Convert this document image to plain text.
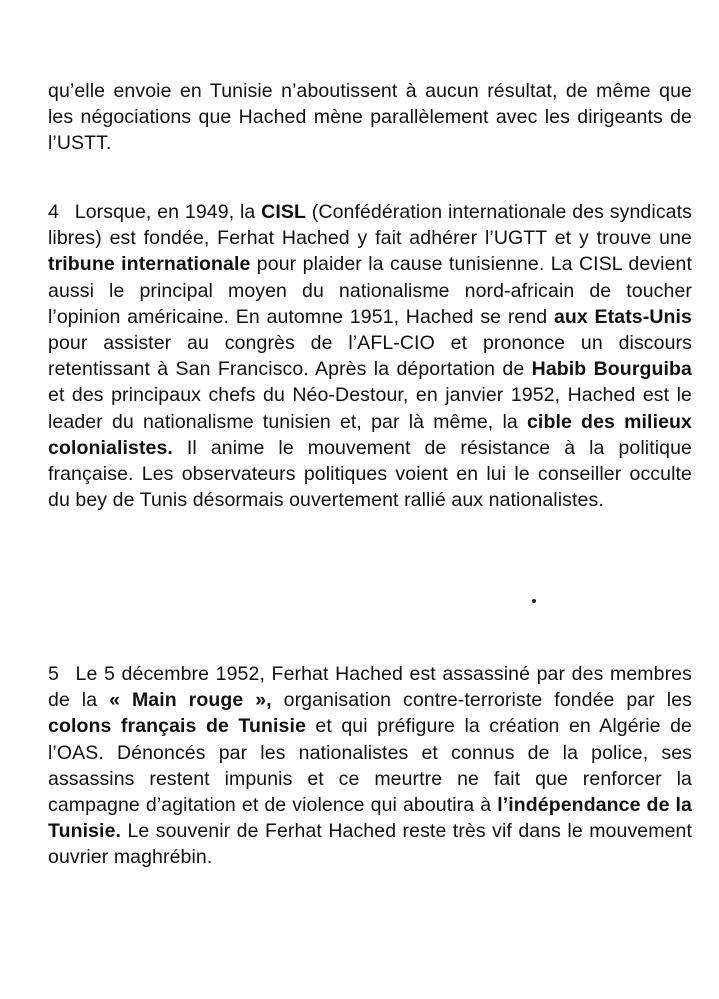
qu’elle envoie en Tunisie n’aboutissent à aucun résultat, de même que les négociations que Hached mène parallèlement avec les dirigeants de l’USTT.

4 Lorsque, en 1949, la CISL (Confédération internationale des syndicats libres) est fondée, Ferhat Hached y fait adhérer l’UGTT et y trouve une tribune internationale pour plaider la cause tunisienne. La CISL devient aussi le principal moyen du nationalisme nord-africain de toucher l’opinion américaine. En automne 1951, Hached se rend aux Etats-Unis pour assister au congrès de l’AFL-CIO et prononce un discours retentissant à San Francisco. Après la déportation de Habib Bourguiba et des principaux chefs du Néo-Destour, en janvier 1952, Hached est le leader du nationalisme tunisien et, par là même, la cible des milieux colonialistes. Il anime le mouvement de résistance à la politique française. Les observateurs politiques voient en lui le conseiller occulte du bey de Tunis désormais ouvertement rallié aux nationalistes.

5 Le 5 décembre 1952, Ferhat Hached est assassiné par des membres de la « Main rouge », organisation contre-terroriste fondée par les colons français de Tunisie et qui préfigure la création en Algérie de l’OAS. Dénoncés par les nationalistes et connus de la police, ses assassins restent impunis et ce meurtre ne fait que renforcer la campagne d’agitation et de violence qui aboutira à l’indépendance de la Tunisie. Le souvenir de Ferhat Hached reste très vif dans le mouvement ouvrier maghrébin.
